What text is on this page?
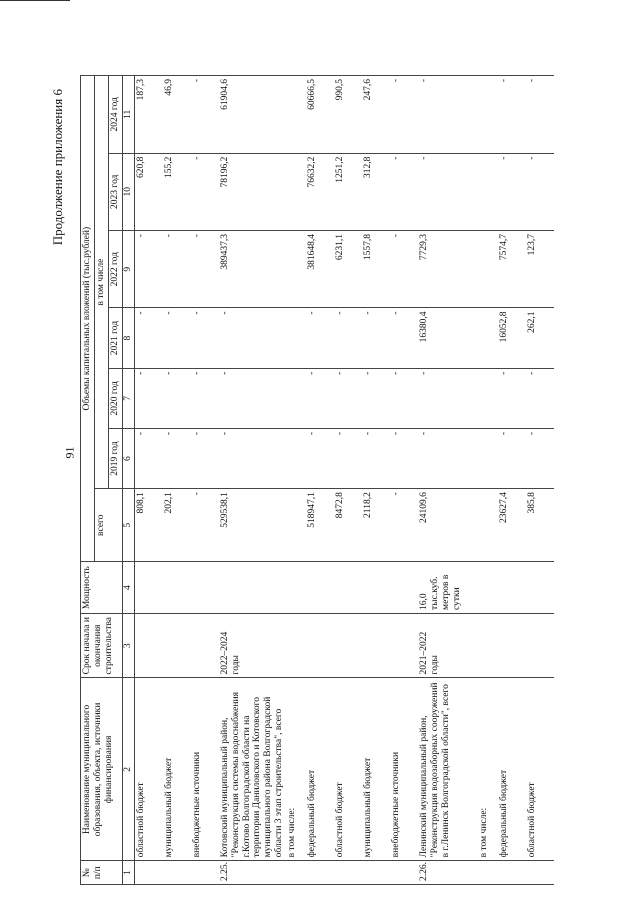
91
Продолжение приложения 6
№ п/п	Наименование муниципального образования, объекта, источники финансирования	Срок начала и окончания строительства	Мощность	Объемы капитальных вложений (тыс.рублей)						
				всего	в том числе					
					2019 год	2020 год	2021 год	2022 год	2023 год	2024 год
1	2	3	4	5	6	7	8	9	10	11
	областной бюджет			808,1	-	-	-	-	620,8	187,3
	муниципальный бюджет			202,1	-	-	-	-	155,2	46,9
	внебюджетные источники			-	-	-	-	-	-	-
2.25.	Котовский муниципальный район, "Реконструкция системы водоснабжения г.Котово Волгоградской области на территории Даниловского и Котовского муниципального района Волгоградской области 3 этап строительства", всего	2022–2024 годы		529538,1	-	-	-	389437,3	78196,2	61904,6
	в том числе:									
	федеральный бюджет			518947,1	-	-	-	381648,4	76632,2	60666,5
	областной бюджет			8472,8	-	-	-	6231,1	1251,2	990,5
	муниципальный бюджет			2118,2	-	-	-	1557,8	312,8	247,6
	внебюджетные источники			-	-	-	-	-	-	-
2.26.	Ленинский муниципальный район, "Реконструкция водозаборных сооружений в г.Ленинск Волгоградской области", всего	2021–2022 годы	16,0 тыс.куб. метров в сутки	24109,6	-	-	16380,4	7729,3	-	-
	в том числе:									
	федеральный бюджет			23627,4	-	-	16052,8	7574,7	-	-
	областной бюджет			385,8	-	-	262,1	123,7	-	-
